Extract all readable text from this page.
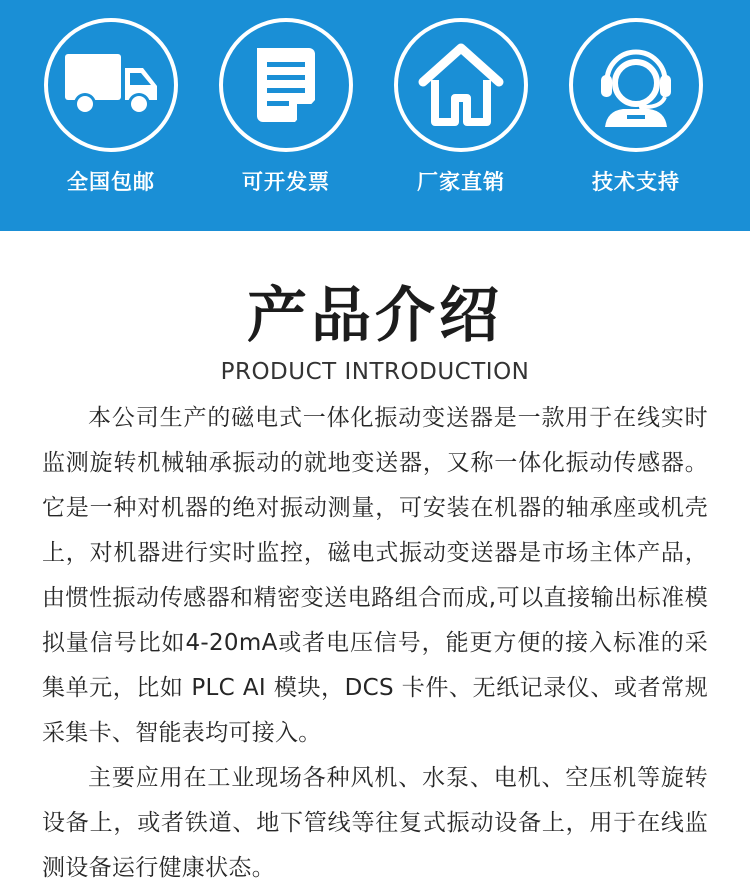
全国包邮	可开发票	厂家直销	技术支持
产品介绍
PRODUCT INTRODUCTION

本公司生产的磁电式一体化振动变送器是一款用于在线实时监测旋转机械轴承振动的就地变送器，又称一体化振动传感器。它是一种对机器的绝对振动测量，可安装在机器的轴承座或机壳上，对机器进行实时监控，磁电式振动变送器是市场主体产品，由惯性振动传感器和精密变送电路组合而成,可以直接输出标准模拟量信号比如4-20mA或者电压信号，能更方便的接入标准的采集单元，比如 PLC AI 模块，DCS 卡件、无纸记录仪、或者常规采集卡、智能表均可接入。

主要应用在工业现场各种风机、水泵、电机、空压机等旋转设备上，或者铁道、地下管线等往复式振动设备上，用于在线监测设备运行健康状态。
